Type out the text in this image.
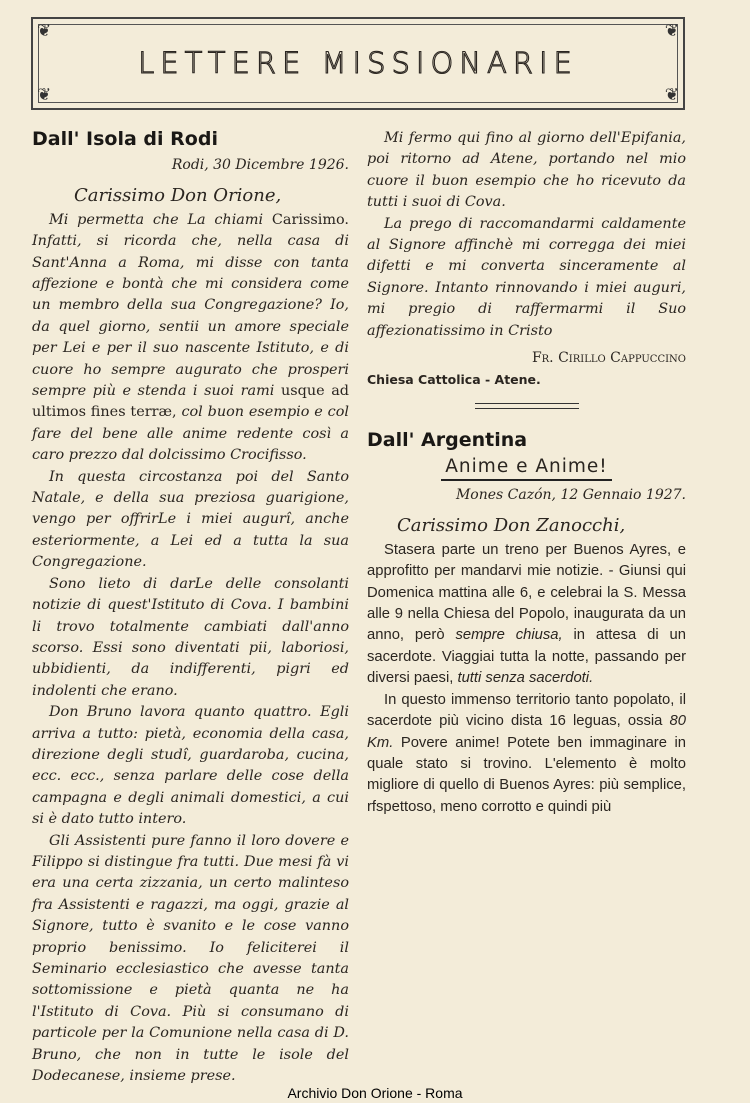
❦	❦
❦	❦
LETTERE MISSIONARIE
Dall' Isola di Rodi

Rodi, 30 Dicembre 1926.

Carissimo Don Orione,

Mi permetta che La chiami Carissimo. Infatti, si ricorda che, nella casa di Sant'Anna a Roma, mi disse con tanta affezione e bontà che mi considera come un membro della sua Congregazione? Io, da quel giorno, sentii un amore speciale per Lei e per il suo nascente Istituto, e di cuore ho sempre augurato che prosperi sempre più e stenda i suoi rami usque ad ultimos fines terræ, col buon esempio e col fare del bene alle anime redente così a caro prezzo dal dolcissimo Crocifisso.

In questa circostanza poi del Santo Natale, e della sua preziosa guarigione, vengo per offrirLe i miei augurî, anche esteriormente, a Lei ed a tutta la sua Congregazione.

Sono lieto di darLe delle consolanti notizie di quest'Istituto di Cova. I bambini li trovo totalmente cambiati dall'anno scorso. Essi sono diventati pii, laboriosi, ubbidienti, da indifferenti, pigri ed indolenti che erano.

Don Bruno lavora quanto quattro. Egli arriva a tutto: pietà, economia della casa, direzione degli studî, guardaroba, cucina, ecc. ecc., senza parlare delle cose della campagna e degli animali domestici, a cui si è dato tutto intero.

Gli Assistenti pure fanno il loro dovere e Filippo si distingue fra tutti. Due mesi fà vi era una certa zizzania, un certo malinteso fra Assistenti e ragazzi, ma oggi, grazie al Signore, tutto è svanito e le cose vanno proprio benissimo. Io feliciterei il Seminario ecclesiastico che avesse tanta sottomissione e pietà quanta ne ha l'Istituto di Cova. Più si consumano di particole per la Comunione nella casa di D. Bruno, che non in tutte le isole del Dodecanese, insieme prese.

Mi fermo qui fino al giorno dell'Epifania, poi ritorno ad Atene, portando nel mio cuore il buon esempio che ho ricevuto da tutti i suoi di Cova.

La prego di raccomandarmi caldamente al Signore affinchè mi corregga dei miei difetti e mi converta sinceramente al Signore. Intanto rinnovando i miei auguri, mi pregio di raffermarmi il Suo affezionatissimo in Cristo

Fr. Cirillo Cappuccino

Chiesa Cattolica - Atene.

Dall' Argentina
Anime e Anime!

Mones Cazón, 12 Gennaio 1927.

Carissimo Don Zanocchi,

Stasera parte un treno per Buenos Ayres, e approfitto per mandarvi mie notizie. - Giunsi qui Domenica mattina alle 6, e celebrai la S. Messa alle 9 nella Chiesa del Popolo, inaugurata da un anno, però sempre chiusa, in attesa di un sacerdote. Viaggiai tutta la notte, passando per diversi paesi, tutti senza sacerdoti.

In questo immenso territorio tanto popolato, il sacerdote più vicino dista 16 leguas, ossia 80 Km. Povere anime! Potete ben immaginare in quale stato si trovino. L'elemento è molto migliore di quello di Buenos Ayres: più semplice, rfspettoso, meno corrotto e quindi più

Archivio Don Orione - Roma
